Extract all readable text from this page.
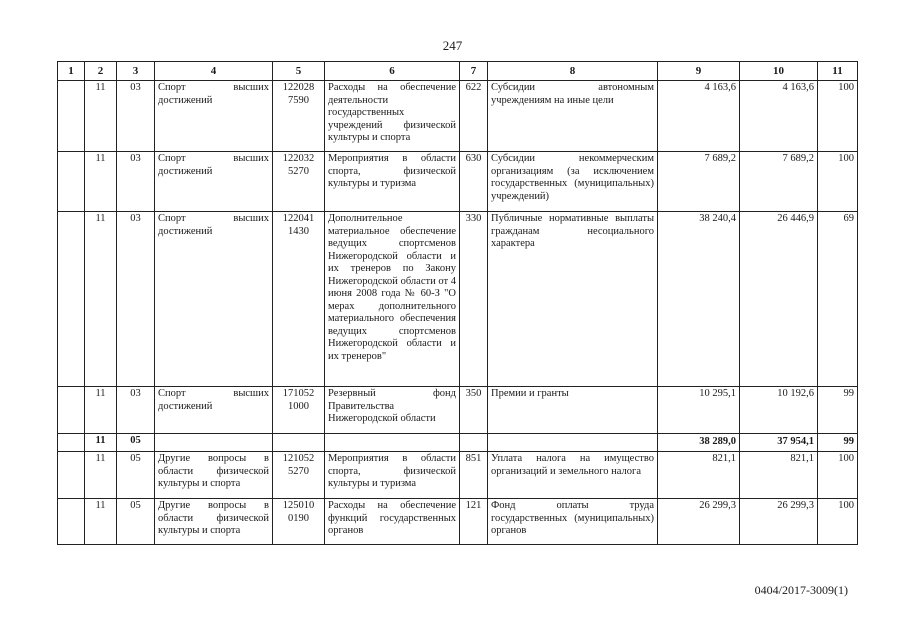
247
1	2	3	4	5	6	7	8	9	10	11
	11	03	Спорт высших достижений	122028 7590	Расходы на обеспечение деятельности государственных учреждений физической культуры и спорта	622	Субсидии автономным учреждениям на иные цели	4 163,6	4 163,6	100
	11	03	Спорт высших достижений	122032 5270	Мероприятия в области спорта, физической культуры и туризма	630	Субсидии некоммерческим организациям (за исключением государственных (муниципальных) учреждений)	7 689,2	7 689,2	100
	11	03	Спорт высших достижений	122041 1430	Дополнительное материальное обеспечение ведущих спортсменов Нижегородской области и их тренеров по Закону Нижегородской области от 4 июня 2008 года № 60-З "О мерах дополнительного материального обеспечения ведущих спортсменов Нижегородской области и их тренеров"	330	Публичные нормативные выплаты гражданам несоциального характера	38 240,4	26 446,9	69
	11	03	Спорт высших достижений	171052 1000	Резервный фонд Правительства Нижегородской области	350	Премии и гранты	10 295,1	10 192,6	99
	11	05						38 289,0	37 954,1	99
	11	05	Другие вопросы в области физической культуры и спорта	121052 5270	Мероприятия в области спорта, физической культуры и туризма	851	Уплата налога на имущество организаций и земельного налога	821,1	821,1	100
	11	05	Другие вопросы в области физической культуры и спорта	125010 0190	Расходы на обеспечение функций государственных органов	121	Фонд оплаты труда государственных (муниципальных) органов	26 299,3	26 299,3	100
0404/2017-3009(1)
